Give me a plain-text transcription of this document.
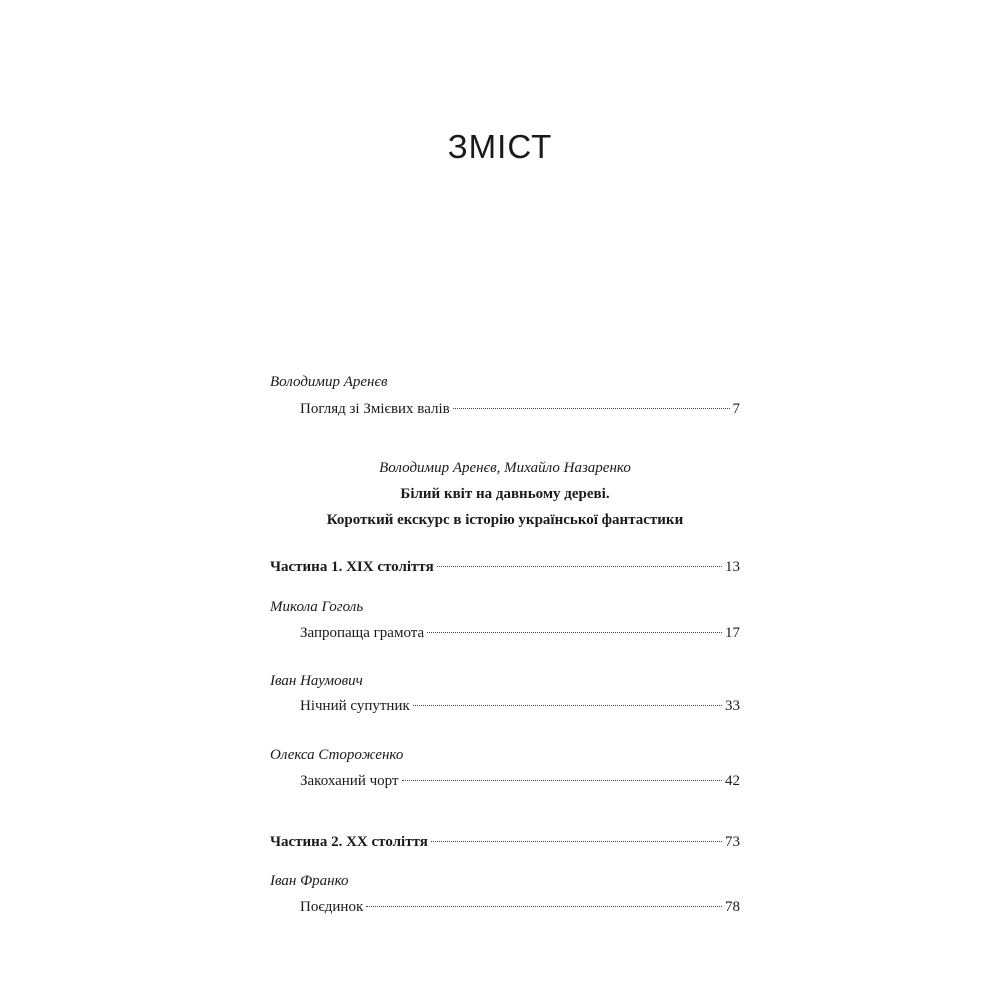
ЗМІСТ
Володимир Аренєв
Погляд зі Змієвих валів	7
Володимир Аренєв, Михайло Назаренко
Білий квіт на давньому дереві.
Короткий екскурс в історію української фантастики
Частина 1. ХІХ століття	13
Микола Гоголь
Запропаща грамота	17
Іван Наумович
Нічний супутник	33
Олекса Стороженко
Закоханий чорт	42
Частина 2. ХХ століття	73
Іван Франко
Поєдинок	78
